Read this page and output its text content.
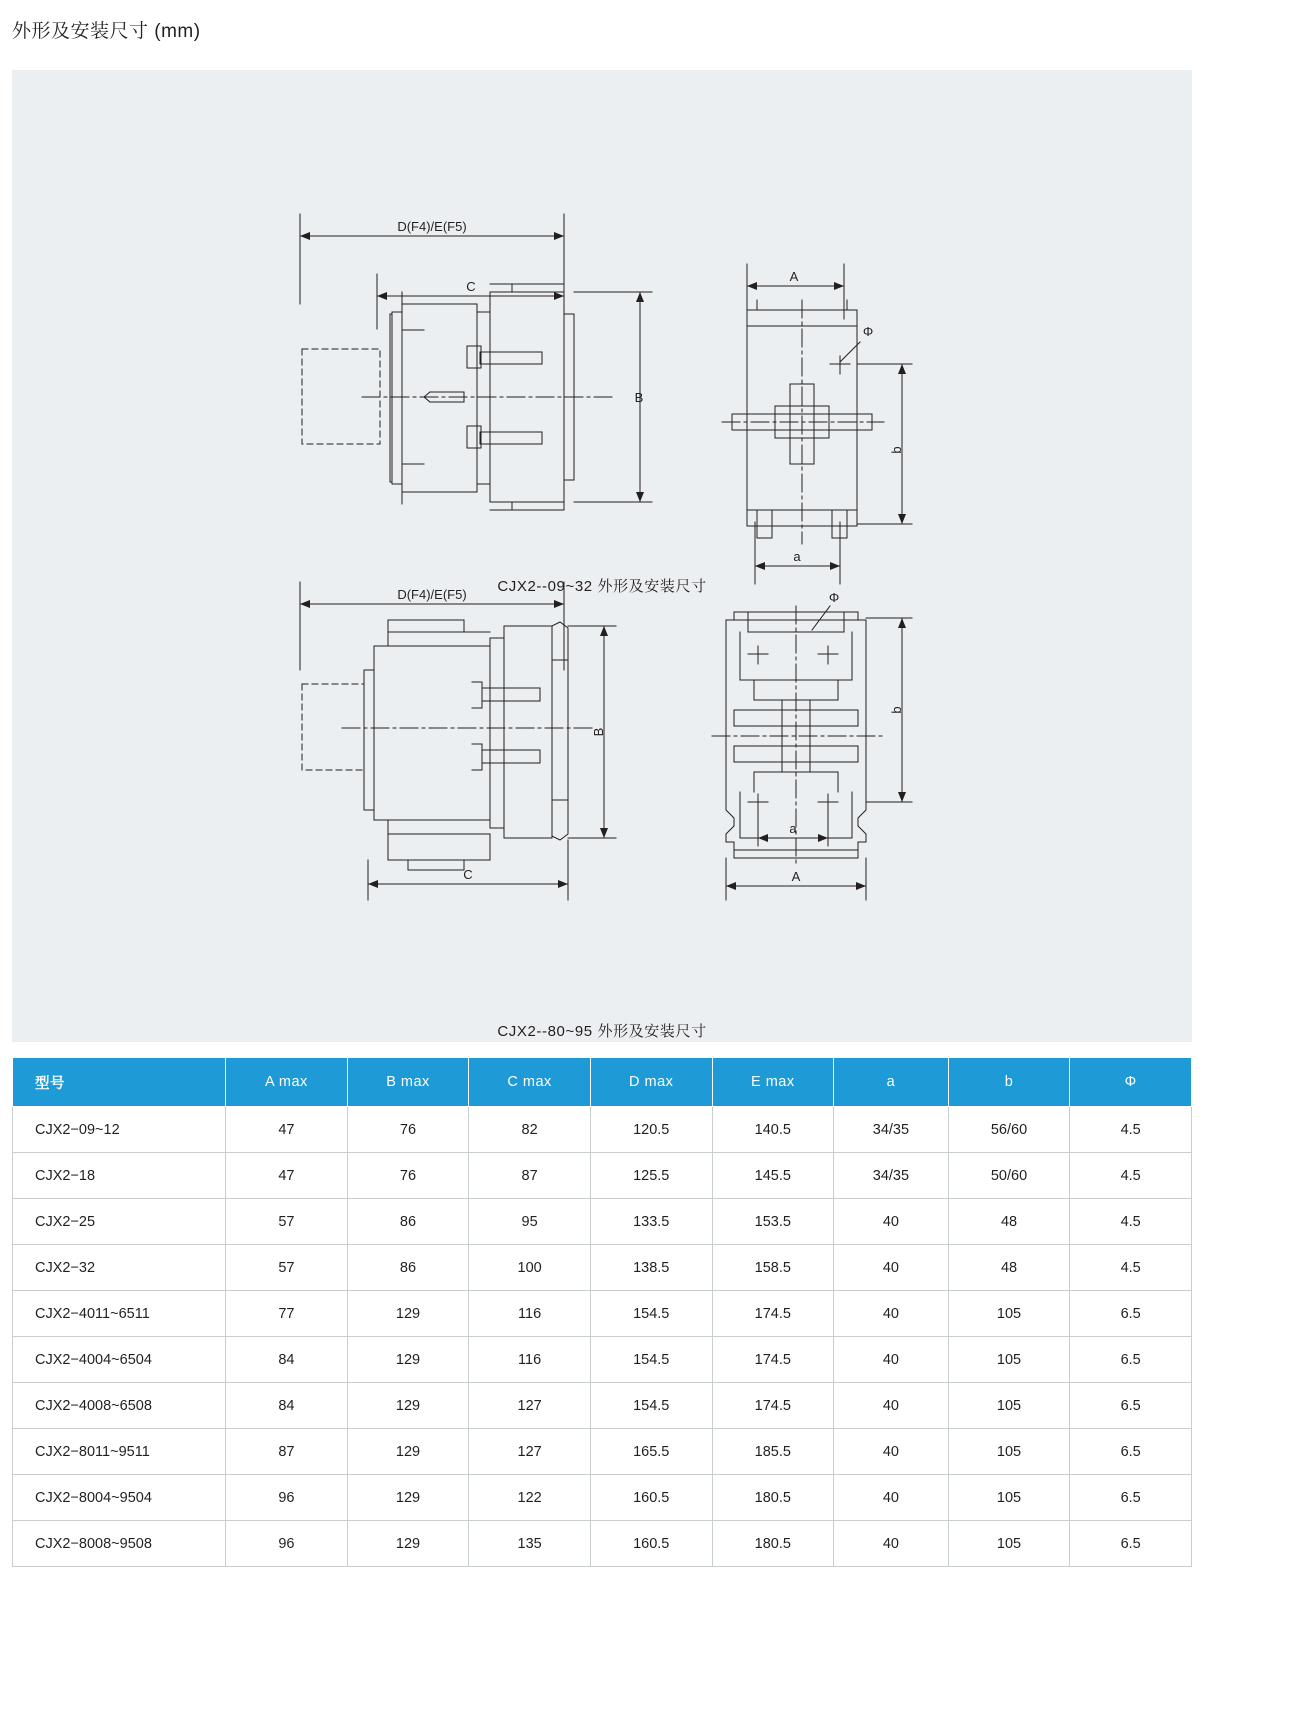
外形及安装尺寸 (mm)
D(F4)/E(F5)
C
B
A
Φ
b
a
CJX2--09~32 外形及安装尺寸
D(F4)/E(F5)
C
B
Φ
b
a
A
CJX2--80~95 外形及安装尺寸
型号	A max	B max	C max	D max	E max	a	b	Φ
CJX2−09~12	47	76	82	120.5	140.5	34/35	56/60	4.5
CJX2−18	47	76	87	125.5	145.5	34/35	50/60	4.5
CJX2−25	57	86	95	133.5	153.5	40	48	4.5
CJX2−32	57	86	100	138.5	158.5	40	48	4.5
CJX2−4011~6511	77	129	116	154.5	174.5	40	105	6.5
CJX2−4004~6504	84	129	116	154.5	174.5	40	105	6.5
CJX2−4008~6508	84	129	127	154.5	174.5	40	105	6.5
CJX2−8011~9511	87	129	127	165.5	185.5	40	105	6.5
CJX2−8004~9504	96	129	122	160.5	180.5	40	105	6.5
CJX2−8008~9508	96	129	135	160.5	180.5	40	105	6.5
